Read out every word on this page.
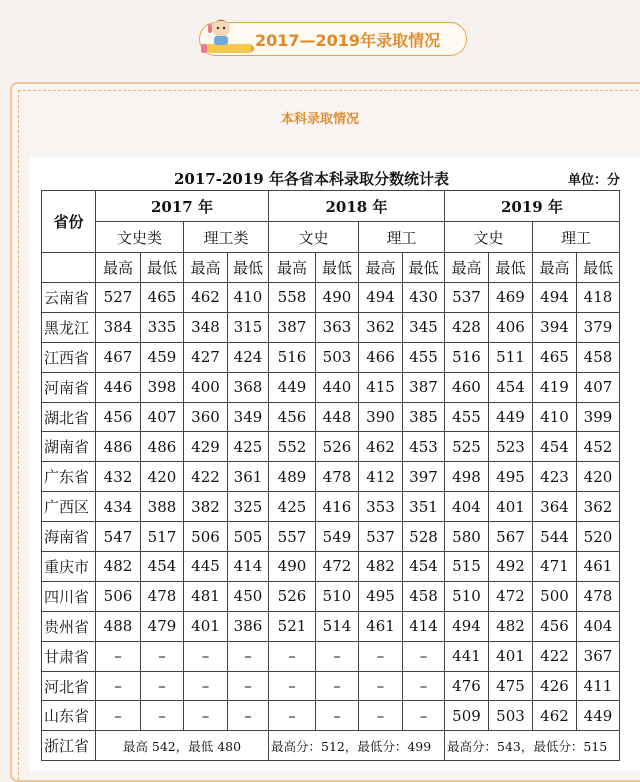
2017—2019年录取情况
本科录取情况
2017-2019 年各省本科录取分数统计表	单位：分
省份	2017 年				2018 年				2019 年			
	文史类		理工类		文史		理工		文史		理工	
	最高	最低	最高	最低	最高	最低	最高	最低	最高	最低	最高	最低
云南省	527	465	462	410	558	490	494	430	537	469	494	418
黑龙江	384	335	348	315	387	363	362	345	428	406	394	379
江西省	467	459	427	424	516	503	466	455	516	511	465	458
河南省	446	398	400	368	449	440	415	387	460	454	419	407
湖北省	456	407	360	349	456	448	390	385	455	449	410	399
湖南省	486	486	429	425	552	526	462	453	525	523	454	452
广东省	432	420	422	361	489	478	412	397	498	495	423	420
广西区	434	388	382	325	425	416	353	351	404	401	364	362
海南省	547	517	506	505	557	549	537	528	580	567	544	520
重庆市	482	454	445	414	490	472	482	454	515	492	471	461
四川省	506	478	481	450	526	510	495	458	510	472	500	478
贵州省	488	479	401	386	521	514	461	414	494	482	456	404
甘肃省	–	–	–	–	–	–	–	–	441	401	422	367
河北省	–	–	–	–	–	–	–	–	476	475	426	411
山东省	–	–	–	–	–	–	–	–	509	503	462	449
浙江省	最高 542，最低 480				最高分：512，最低分：499				最高分：543，最低分：515			
